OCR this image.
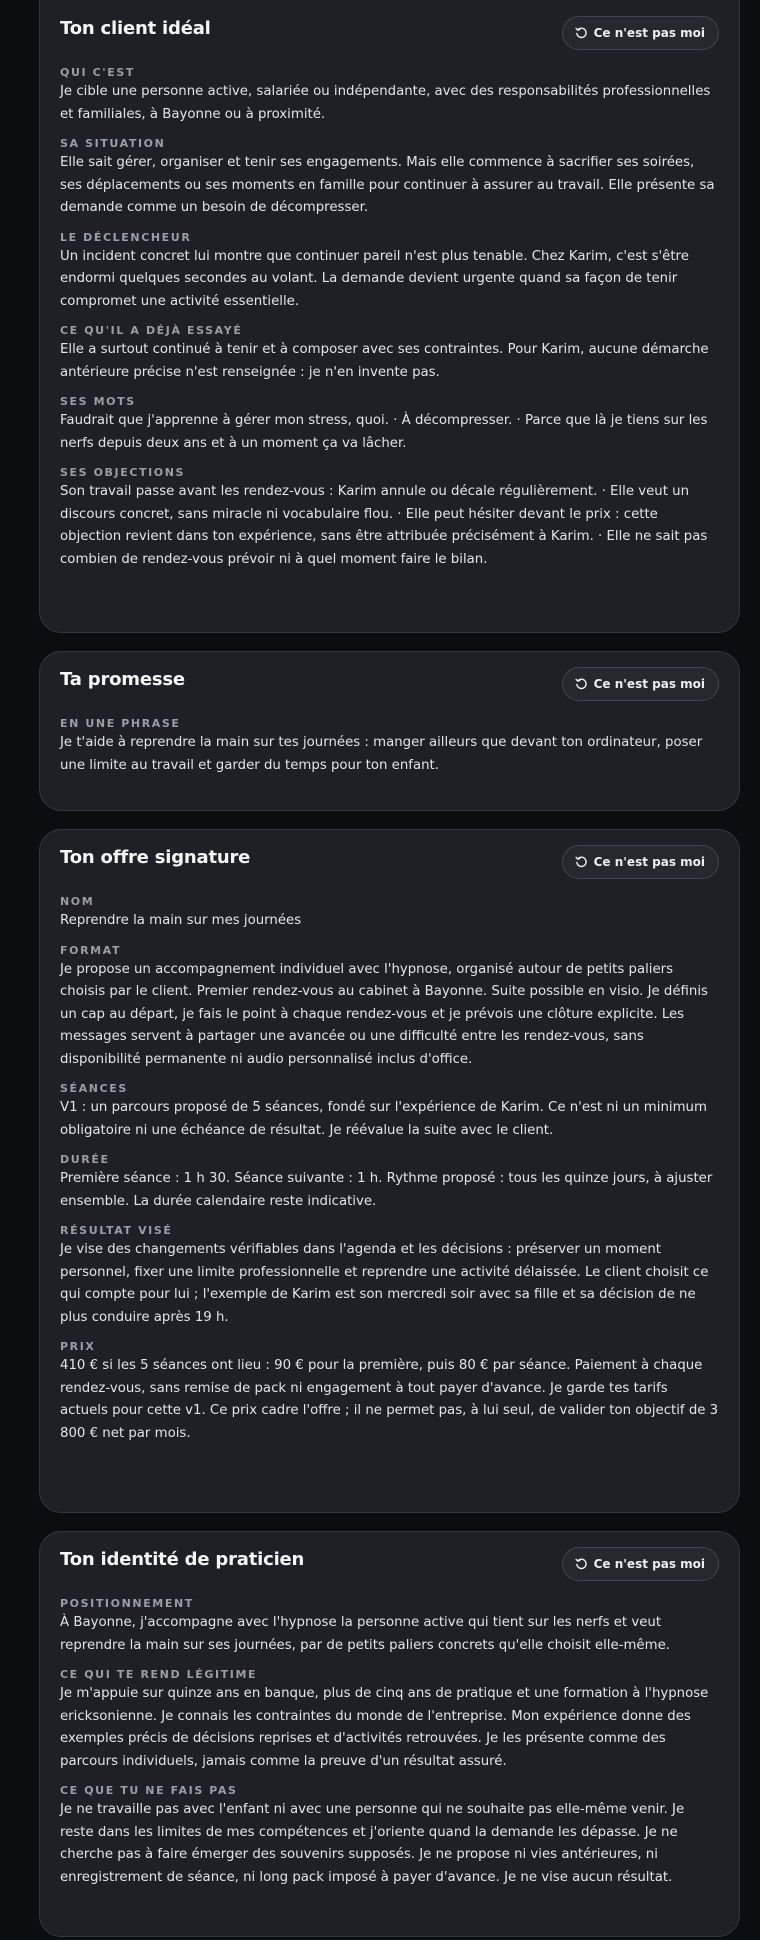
Ton client idéal	Ce n'est pas moi

QUI C'EST

Je cible une personne active, salariée ou indépendante, avec des responsabilités professionnelles et familiales, à Bayonne ou à proximité.

SA SITUATION

Elle sait gérer, organiser et tenir ses engagements. Mais elle commence à sacrifier ses soirées, ses déplacements ou ses moments en famille pour continuer à assurer au travail. Elle présente sa demande comme un besoin de décompresser.

LE DÉCLENCHEUR

Un incident concret lui montre que continuer pareil n'est plus tenable. Chez Karim, c'est s'être endormi quelques secondes au volant. La demande devient urgente quand sa façon de tenir compromet une activité essentielle.

CE QU'IL A DÉJÀ ESSAYÉ

Elle a surtout continué à tenir et à composer avec ses contraintes. Pour Karim, aucune démarche antérieure précise n'est renseignée : je n'en invente pas.

SES MOTS

Faudrait que j'apprenne à gérer mon stress, quoi. · À décompresser. · Parce que là je tiens sur les nerfs depuis deux ans et à un moment ça va lâcher.

SES OBJECTIONS

Son travail passe avant les rendez-vous : Karim annule ou décale régulièrement. · Elle veut un discours concret, sans miracle ni vocabulaire flou. · Elle peut hésiter devant le prix : cette objection revient dans ton expérience, sans être attribuée précisément à Karim. · Elle ne sait pas combien de rendez-vous prévoir ni à quel moment faire le bilan.

Ta promesse	Ce n'est pas moi

EN UNE PHRASE

Je t'aide à reprendre la main sur tes journées : manger ailleurs que devant ton ordinateur, poser une limite au travail et garder du temps pour ton enfant.

Ton offre signature	Ce n'est pas moi

NOM

Reprendre la main sur mes journées

FORMAT

Je propose un accompagnement individuel avec l'hypnose, organisé autour de petits paliers choisis par le client. Premier rendez-vous au cabinet à Bayonne. Suite possible en visio. Je définis un cap au départ, je fais le point à chaque rendez-vous et je prévois une clôture explicite. Les messages servent à partager une avancée ou une difficulté entre les rendez-vous, sans disponibilité permanente ni audio personnalisé inclus d'office.

SÉANCES

V1 : un parcours proposé de 5 séances, fondé sur l'expérience de Karim. Ce n'est ni un minimum obligatoire ni une échéance de résultat. Je réévalue la suite avec le client.

DURÉE

Première séance : 1 h 30. Séance suivante : 1 h. Rythme proposé : tous les quinze jours, à ajuster ensemble. La durée calendaire reste indicative.

RÉSULTAT VISÉ

Je vise des changements vérifiables dans l'agenda et les décisions : préserver un moment personnel, fixer une limite professionnelle et reprendre une activité délaissée. Le client choisit ce qui compte pour lui ; l'exemple de Karim est son mercredi soir avec sa fille et sa décision de ne plus conduire après 19 h.

PRIX

410 € si les 5 séances ont lieu : 90 € pour la première, puis 80 € par séance. Paiement à chaque rendez-vous, sans remise de pack ni engagement à tout payer d'avance. Je garde tes tarifs actuels pour cette v1. Ce prix cadre l'offre ; il ne permet pas, à lui seul, de valider ton objectif de 3 800 € net par mois.

Ton identité de praticien	Ce n'est pas moi

POSITIONNEMENT

À Bayonne, j'accompagne avec l'hypnose la personne active qui tient sur les nerfs et veut reprendre la main sur ses journées, par de petits paliers concrets qu'elle choisit elle-même.

CE QUI TE REND LÉGITIME

Je m'appuie sur quinze ans en banque, plus de cinq ans de pratique et une formation à l'hypnose ericksonienne. Je connais les contraintes du monde de l'entreprise. Mon expérience donne des exemples précis de décisions reprises et d'activités retrouvées. Je les présente comme des parcours individuels, jamais comme la preuve d'un résultat assuré.

CE QUE TU NE FAIS PAS

Je ne travaille pas avec l'enfant ni avec une personne qui ne souhaite pas elle-même venir. Je reste dans les limites de mes compétences et j'oriente quand la demande les dépasse. Je ne cherche pas à faire émerger des souvenirs supposés. Je ne propose ni vies antérieures, ni enregistrement de séance, ni long pack imposé à payer d'avance. Je ne vise aucun résultat.
